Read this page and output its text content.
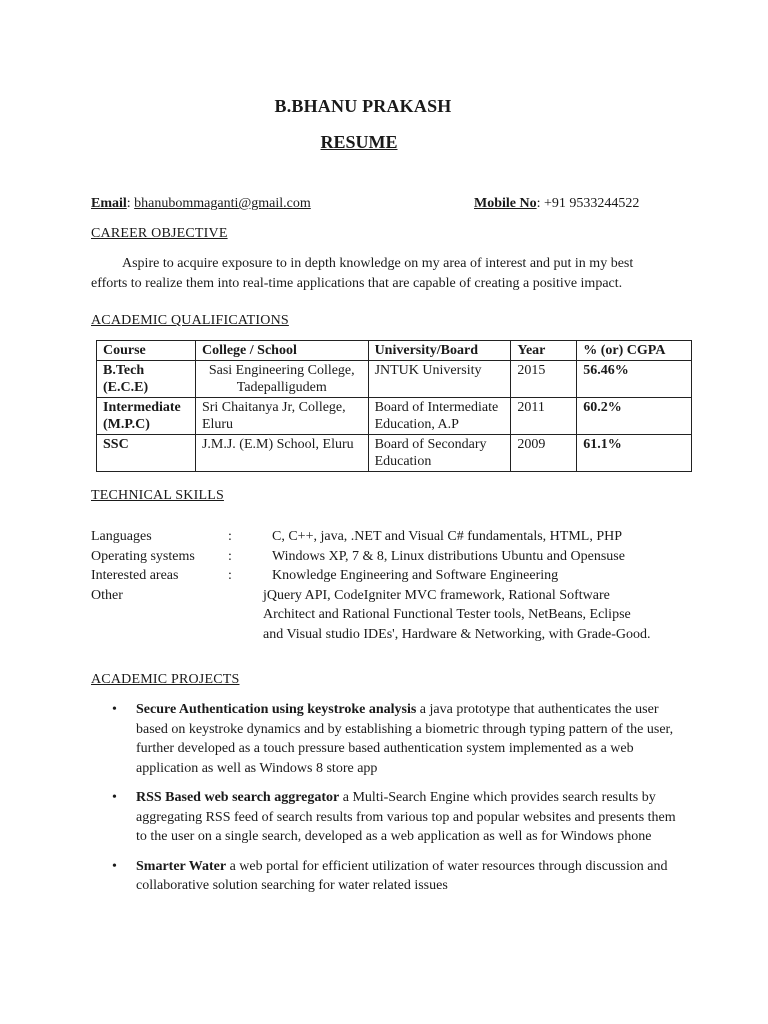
B.BHANU PRAKASH
RESUME
Email: bhanubommaganti@gmail.com	Mobile No: +91 9533244522
CAREER OBJECTIVE
Aspire to acquire exposure to in depth knowledge on my area of interest and put in my best efforts to realize them into real-time applications that are capable of creating a positive impact.
ACADEMIC QUALIFICATIONS
Course	College / School	University/Board	Year	% (or) CGPA
B.Tech (E.C.E)	Sasi Engineering College, Tadepalligudem	JNTUK University	2015	56.46%
Intermediate (M.P.C)	Sri Chaitanya Jr, College, Eluru	Board of Intermediate Education, A.P	2011	60.2%
SSC	J.M.J. (E.M) School, Eluru	Board of Secondary Education	2009	61.1%
TECHNICAL SKILLS
Languages	:	C, C++, java, .NET and Visual C# fundamentals, HTML, PHP
Operating systems :	Windows XP, 7 & 8, Linux distributions Ubuntu and Opensuse
Interested areas	:	Knowledge Engineering and Software Engineering
Other	jQuery API, CodeIgniter MVC framework, Rational Software Architect and Rational Functional Tester tools, NetBeans, Eclipse and Visual studio IDEs', Hardware & Networking, with Grade-Good.
ACADEMIC PROJECTS
• Secure Authentication using keystroke analysis a java prototype that authenticates the user based on keystroke dynamics and by establishing a biometric through typing pattern of the user, further developed as a touch pressure based authentication system implemented as a web application as well as Windows 8 store app
• RSS Based web search aggregator a Multi-Search Engine which provides search results by aggregating RSS feed of search results from various top and popular websites and presents them to the user on a single search, developed as a web application as well as for Windows phone
• Smarter Water a web portal for efficient utilization of water resources through discussion and collaborative solution searching for water related issues
